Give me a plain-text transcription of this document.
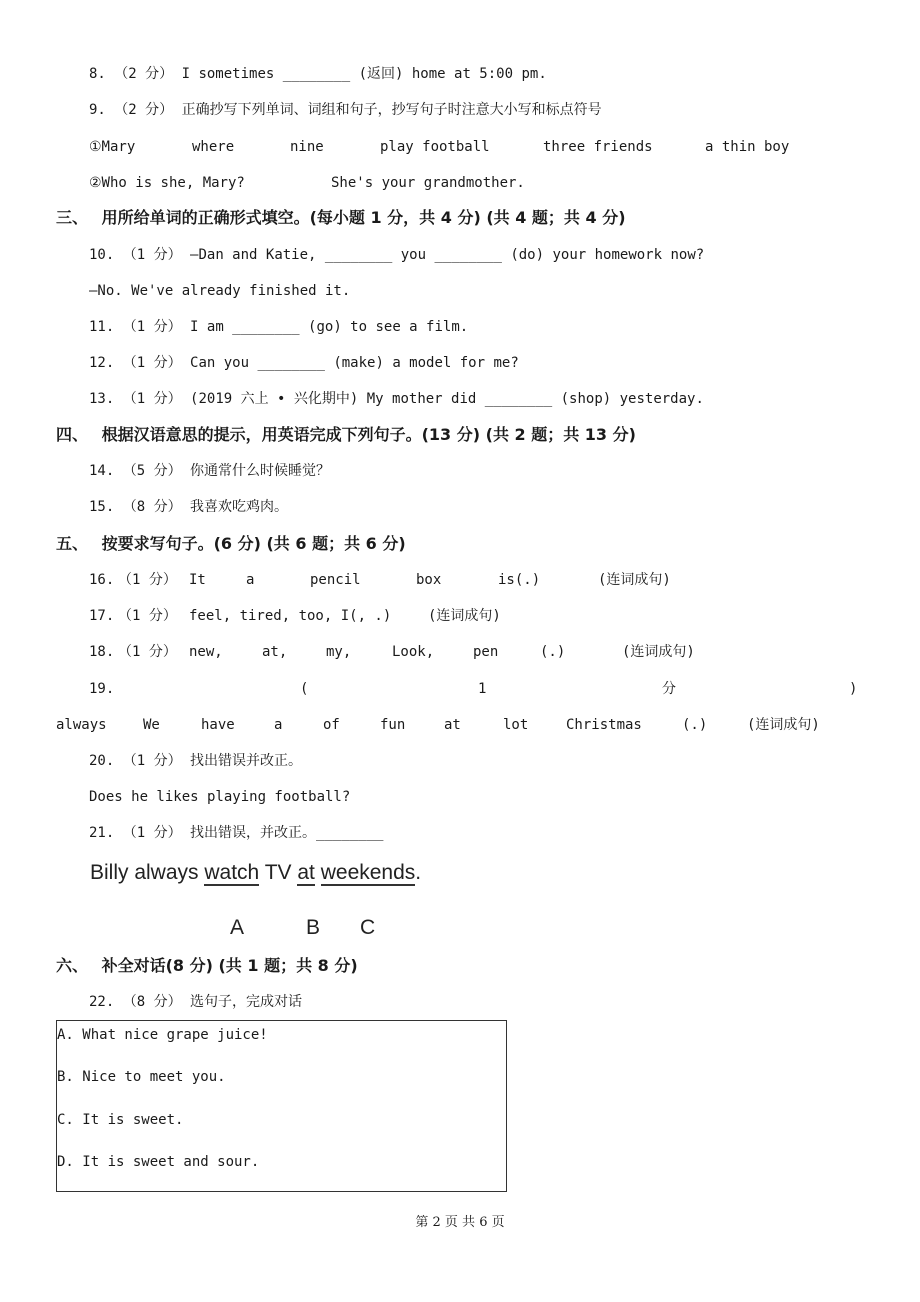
8. （2 分） I sometimes ________ (返回) home at 5:00 pm.
9. （2 分） 正确抄写下列单词、词组和句子，抄写句子时注意大小写和标点符号
①Mary	where	nine	play football	three friends	a thin boy
②Who is she, Mary?	She's your grandmother.
三、 用所给单词的正确形式填空。(每小题 1 分，共 4 分) (共 4 题；共 4 分)
10. （1 分） —Dan and Katie, ________ you ________ (do) your homework now?
—No. We've already finished it.
11. （1 分） I am ________ (go) to see a film.
12. （1 分） Can you ________ (make) a model for me?
13. （1 分） (2019 六上 • 兴化期中) My mother did ________ (shop) yesterday.
四、 根据汉语意思的提示，用英语完成下列句子。(13 分) (共 2 题；共 13 分)
14. （5 分） 你通常什么时候睡觉？
15. （8 分） 我喜欢吃鸡肉。
五、 按要求写句子。(6 分) (共 6 题；共 6 分)
16. （1 分） It	a	pencil	box	is(.)	(连词成句)
17. （1 分） feel, tired, too, I(, .)	(连词成句)
18. （1 分） new,	at,	my,	Look,	pen	(.)	(连词成句)
19.	(	1	分	)
always	We	have	a	of	fun	at	lot	Christmas	(.)	(连词成句)
20. （1 分） 找出错误并改正。
Does he likes playing football?
21. （1 分） 找出错误，并改正。________
Billy always watch TV at weekends.
A	B C
六、 补全对话(8 分) (共 1 题；共 8 分)
22. （8 分） 选句子，完成对话
A. What nice grape juice!
B. Nice to meet you.
C. It is sweet.
D. It is sweet and sour.
第 2 页 共 6 页
